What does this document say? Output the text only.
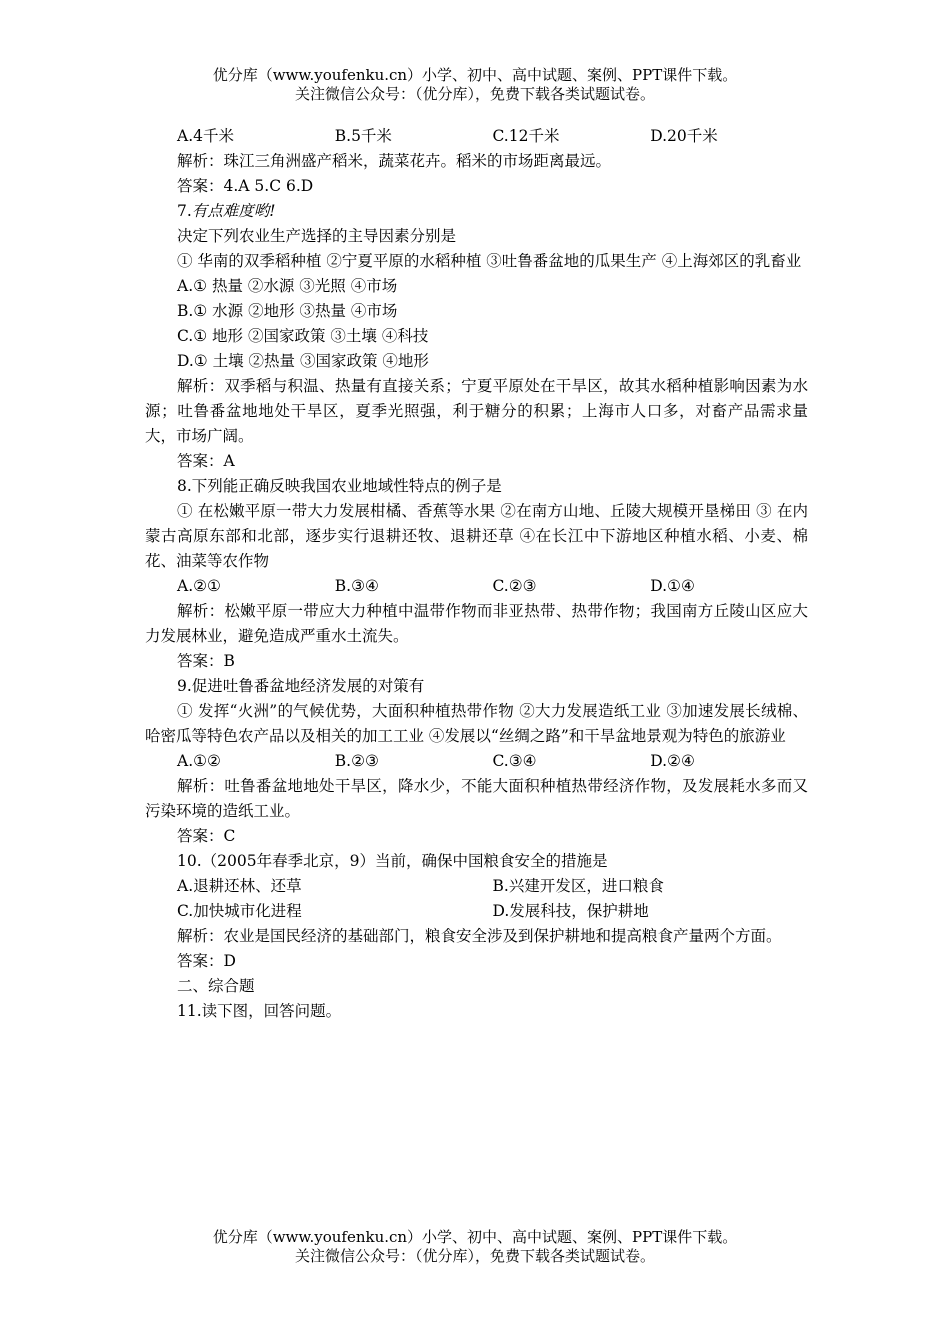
优分库（www.youfenku.cn）小学、初中、高中试题、案例、PPT课件下载。
关注微信公众号：（优分库），免费下载各类试题试卷。
A.4千米	B.5千米	C.12千米	D.20千米
解析：珠江三角洲盛产稻米，蔬菜花卉。稻米的市场距离最远。
答案：4.A 5.C 6.D
7.有点难度哟!
决定下列农业生产选择的主导因素分别是
① 华南的双季稻种植 ②宁夏平原的水稻种植 ③吐鲁番盆地的瓜果生产 ④上海郊区的乳畜业
A.① 热量 ②水源 ③光照 ④市场
B.① 水源 ②地形 ③热量 ④市场
C.① 地形 ②国家政策 ③土壤 ④科技
D.① 土壤 ②热量 ③国家政策 ④地形
解析：双季稻与积温、热量有直接关系；宁夏平原处在干旱区，故其水稻种植影响因素为水源；吐鲁番盆地地处干旱区，夏季光照强，利于糖分的积累；上海市人口多，对畜产品需求量大，市场广阔。
答案：A
8.下列能正确反映我国农业地域性特点的例子是
① 在松嫩平原一带大力发展柑橘、香蕉等水果 ②在南方山地、丘陵大规模开垦梯田 ③ 在内蒙古高原东部和北部，逐步实行退耕还牧、退耕还草 ④在长江中下游地区种植水稻、小麦、棉花、油菜等农作物
A.②①	B.③④	C.②③	D.①④
解析：松嫩平原一带应大力种植中温带作物而非亚热带、热带作物；我国南方丘陵山区应大力发展林业，避免造成严重水土流失。
答案：B
9.促进吐鲁番盆地经济发展的对策有
① 发挥“火洲”的气候优势，大面积种植热带作物 ②大力发展造纸工业 ③加速发展长绒棉、哈密瓜等特色农产品以及相关的加工工业 ④发展以“丝绸之路”和干旱盆地景观为特色的旅游业
A.①②	B.②③	C.③④	D.②④
解析：吐鲁番盆地地处干旱区，降水少，不能大面积种植热带经济作物，及发展耗水多而又污染环境的造纸工业。
答案：C
10.（2005年春季北京，9）当前，确保中国粮食安全的措施是
A.退耕还林、还草	B.兴建开发区，进口粮食
C.加快城市化进程	D.发展科技，保护耕地
解析：农业是国民经济的基础部门，粮食安全涉及到保护耕地和提高粮食产量两个方面。
答案：D
二、综合题
11.读下图，回答问题。
优分库（www.youfenku.cn）小学、初中、高中试题、案例、PPT课件下载。
关注微信公众号：（优分库），免费下载各类试题试卷。
